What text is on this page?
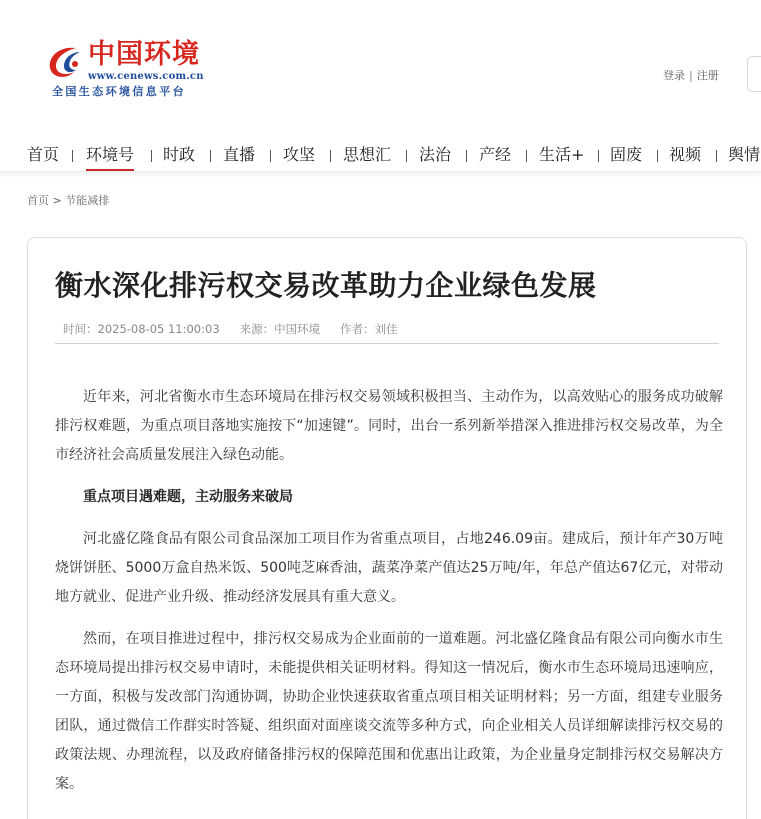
中国环境
www.cenews.com.cn
全国生态环境信息平台
登录 | 注册
首页 环境号 时政 直播 攻坚 思想汇 法治 产经 生活+ 固废 视频 舆情
首页 > 节能减排
衡水深化排污权交易改革助力企业绿色发展
时间：2025-08-05 11:00:03 来源：中国环境 作者：刘佳

近年来，河北省衡水市生态环境局在排污权交易领域积极担当、主动作为，以高效贴心的服务成功破解排污权难题，为重点项目落地实施按下“加速键”。同时，出台一系列新举措深入推进排污权交易改革，为全市经济社会高质量发展注入绿色动能。

重点项目遇难题，主动服务来破局

河北盛亿隆食品有限公司食品深加工项目作为省重点项目，占地246.09亩。建成后，预计年产30万吨烧饼饼胚、5000万盒自热米饭、500吨芝麻香油，蔬菜净菜产值达25万吨/年，年总产值达67亿元，对带动地方就业、促进产业升级、推动经济发展具有重大意义。

然而，在项目推进过程中，排污权交易成为企业面前的一道难题。河北盛亿隆食品有限公司向衡水市生态环境局提出排污权交易申请时，未能提供相关证明材料。得知这一情况后，衡水市生态环境局迅速响应，一方面，积极与发改部门沟通协调，协助企业快速获取省重点项目相关证明材料；另一方面，组建专业服务团队，通过微信工作群实时答疑、组织面对面座谈交流等多种方式，向企业相关人员详细解读排污权交易的政策法规、办理流程，以及政府储备排污权的保障范围和优惠出让政策，为企业量身定制排污权交易解决方案。
